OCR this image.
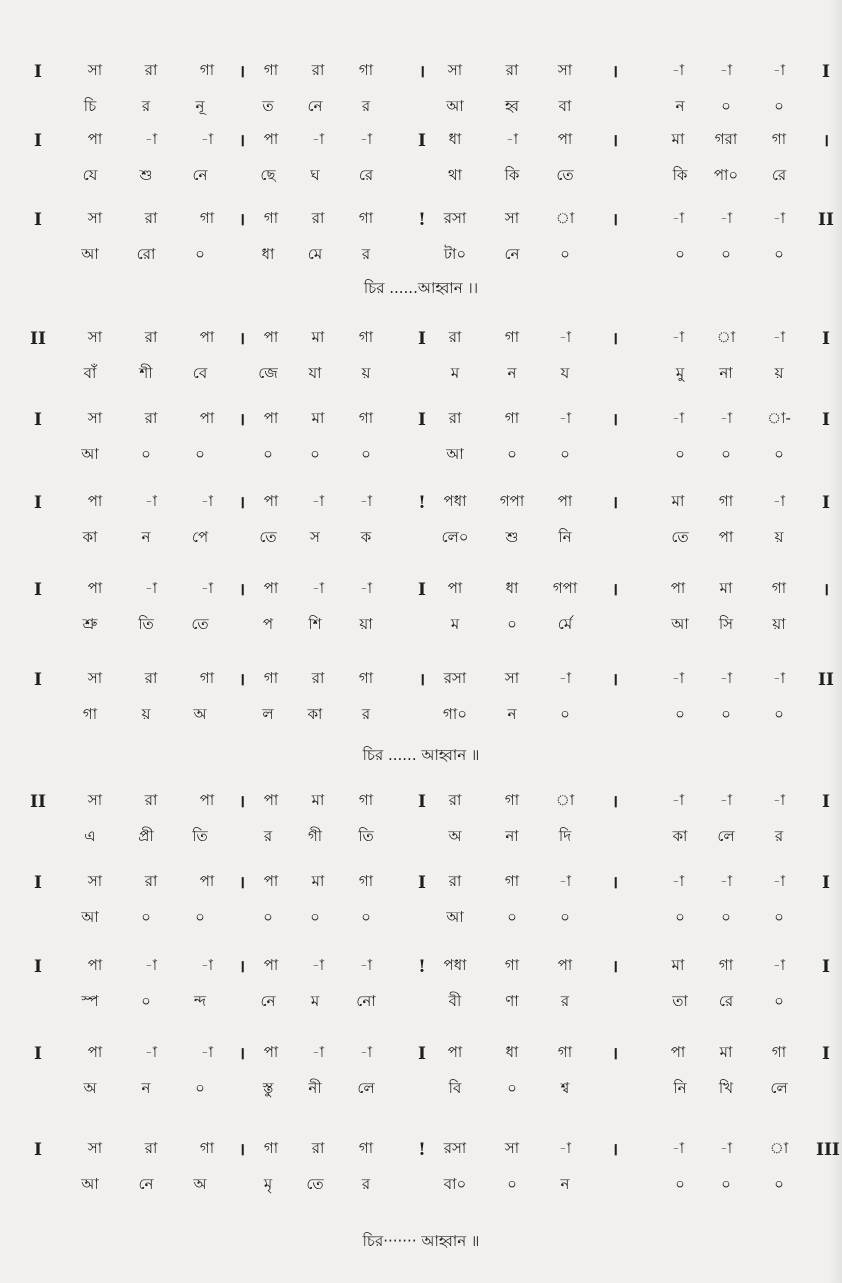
সা	রা	গা	গা	রা	গা	সা	রা	সা	-া	-া	-া
I	।	।	।	I
চি	র	নূ	ত	নে	র	আ	হ্ব	বা	ন	০	০
পা	-া	-া	পা	-া	-া	ধা	-া	পা	মা	গরা	গা
I	।	I	।	।
যে	শু	নে	ছে	ঘ	রে	থা	কি	তে	কি	পা০	রে
সা	রা	গা	গা	রা	গা	রসা	সা	া	-া	-া	-া
I	।	!	।	II
আ	রো	০	ধা	মে	র	টা০	নে	০	০	০	০
চির ......আহ্বান ।।
সা	রা	পা	পা	মা	গা	রা	গা	-া	-া	া	-া
II	।	I	।	I
বাঁ	শী	বে	জে	যা	য়	ম	ন	য	মু	না	য়
সা	রা	পা	পা	মা	গা	রা	গা	-া	-া	-া	া-
I	।	I	।	I
আ	০	০	০	০	০	আ	০	০	০	০	০
পা	-া	-া	পা	-া	-া	পধা	গপা	পা	মা	গা	-া
I	।	!	।	I
কা	ন	পে	তে	স	ক	লে০	শু	নি	তে	পা	য়
পা	-া	-া	পা	-া	-া	পা	ধা	গপা	পা	মা	গা
I	।	I	।	।
শ্রু	তি	তে	প	শি	য়া	ম	০	র্মে	আ	সি	য়া
সা	রা	গা	গা	রা	গা	রসা	সা	-া	-া	-া	-া
I	।	।	।	II
গা	য়	অ	ল	কা	র	গা০	ন	০	০	০	০
চির ...... আহ্বান ॥
সা	রা	পা	পা	মা	গা	রা	গা	া	-া	-া	-া
II	।	I	।	I
এ	প্রী	তি	র	গী	তি	অ	না	দি	কা	লে	র
সা	রা	পা	পা	মা	গা	রা	গা	-া	-া	-া	-া
I	।	I	।	I
আ	০	০	০	০	০	আ	০	০	০	০	০
পা	-া	-া	পা	-া	-া	পধা	গা	পা	মা	গা	-া
I	।	!	।	I
স্প	০	ন্দ	নে	ম	নো	বী	ণা	র	তা	রে	০
পা	-া	-া	পা	-া	-া	পা	ধা	গা	পা	মা	গা
I	।	I	।	I
অ	ন	০	স্তু	নী	লে	বি	০	শ্ব	নি	খি	লে
সা	রা	গা	গা	রা	গা	রসা	সা	-া	-া	-া	া
I	।	!	।	III
আ	নে	অ	মৃ	তে	র	বা০	০	ন	০	০	০
চির······· আহ্বান ॥
